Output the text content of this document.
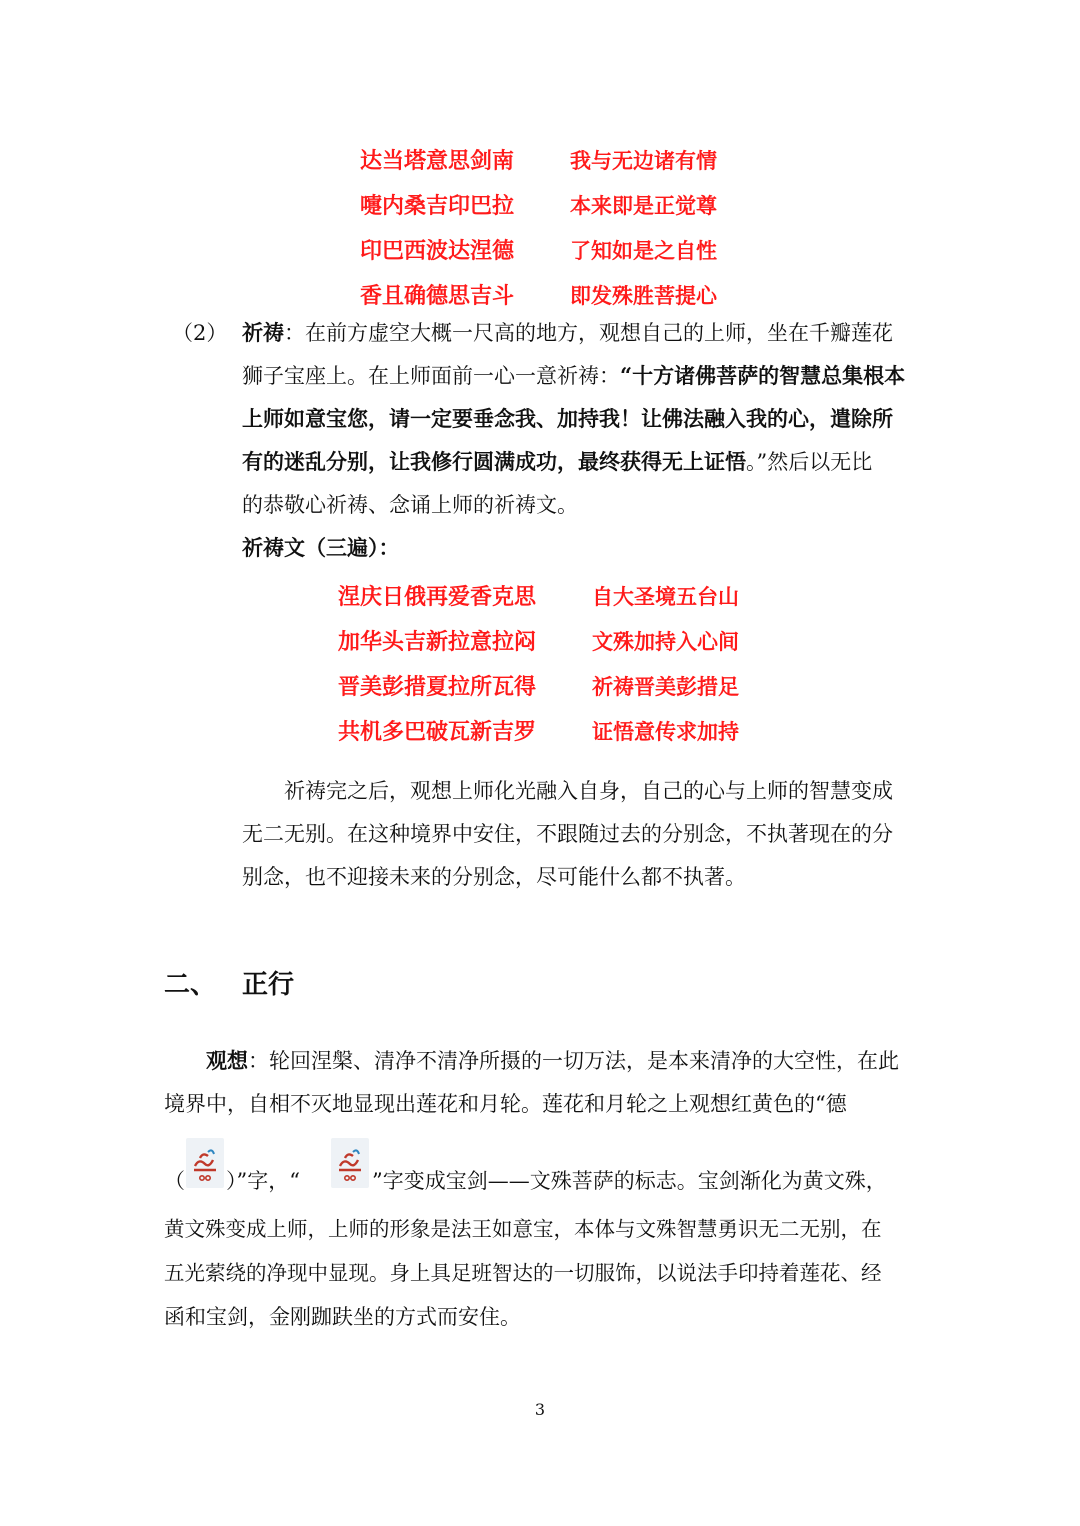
达当塔意思剑南
嚏内桑吉印巴拉
印巴西波达涅德
香且确德思吉斗
我与无边诸有情
本来即是正觉尊
了知如是之自性
即发殊胜菩提心
（2） 祈祷：在前方虚空大概一尺高的地方，观想自己的上师，坐在千瓣莲花
狮子宝座上。在上师面前一心一意祈祷：“十方诸佛菩萨的智慧总集根本
上师如意宝您，请一定要垂念我、加持我！让佛法融入我的心，遣除所
有的迷乱分别，让我修行圆满成功，最终获得无上证悟。”然后以无比
的恭敬心祈祷、念诵上师的祈祷文。
祈祷文（三遍）：
涅庆日俄再爱香克思
加华头吉新拉意拉闷
晋美彭措夏拉所瓦得
共机多巴破瓦新吉罗
自大圣境五台山
文殊加持入心间
祈祷晋美彭措足
证悟意传求加持
祈祷完之后，观想上师化光融入自身，自己的心与上师的智慧变成
无二无别。在这种境界中安住，不跟随过去的分别念，不执著现在的分
别念，也不迎接未来的分别念，尽可能什么都不执著。
二、 正行
观想：轮回涅槃、清净不清净所摄的一切万法，是本来清净的大空性，在此
境界中，自相不灭地显现出莲花和月轮。莲花和月轮之上观想红黄色的“德
（ ）”字，“	”字变成宝剑——文殊菩萨的标志。宝剑渐化为黄文殊，
黄文殊变成上师，上师的形象是法王如意宝，本体与文殊智慧勇识无二无别，在
五光萦绕的净现中显现。身上具足班智达的一切服饰，以说法手印持着莲花、经
函和宝剑，金刚跏趺坐的方式而安住。
3
